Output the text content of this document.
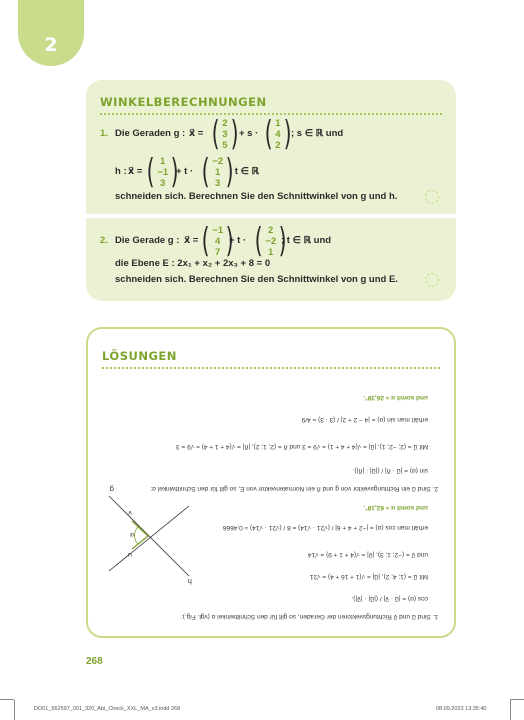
2
WINKELBERECHNUNGEN
1. Die Geraden g : x⃗ = ( 2
3
5 ) + s · ( 1
4
2 ) ; s ∈ ℝ und
h : x⃗ = ( 1
−1
3 )
+ t · ( −2
1
3 )
; t ∈ ℝ
schneiden sich. Berechnen Sie den Schnittwinkel von g und h.
2. Die Gerade g : x⃗ = ( −1
4
7 )
+ t · ( 2
−2
1 )
; t ∈ ℝ und
die Ebene E : 2x₁ + x₂ + 2x₃ + 8 = 0
schneiden sich. Berechnen Sie den Schnittwinkel von g und E.
LÖSUNGEN
1. Sind u⃗ und v⃗ Richtungsvektoren der Geraden, so gilt für den Schnittwinkel α (vgl. Fig.):
cos (α) = |u⃗ · v⃗| / (|u⃗| · |v⃗|).
Mit u⃗ = (1; 4; 2), |u⃗| = √(1 + 16 + 4) = √21
und v⃗ = (−2; 1; 3), |v⃗| = √(4 + 1 + 9) = √14
erhält man cos (α) = |−2 + 4 + 6| / (√21 · √14) = 8 / (√21 · √14) ≈ 0,4666
und somit α ≈ 62,19°.
2. Sind u⃗ ein Richtungsvektor von g und n⃗ ein Normalenvektor von E, so gilt für den Schnittwinkel α:
sin (α) = |u⃗ · n⃗| / (|u⃗| · |n⃗|).
Mit u⃗ = (2; −2; 1), |u⃗| = √(4 + 4 + 1) = √9 = 3 und n⃗ = (2; 1; 2), |n⃗| = √(4 + 1 + 4) = √9 = 3
erhält man sin (α) = |4 − 2 + 2| / (3 · 3) = 4/9
und somit α ≈ 26,39°.
h
g
u
v
α
268
DO01_562597_001_320_Abi_Check_XXL_MA_v3.indd 268	08.09.2023 13:35:40
